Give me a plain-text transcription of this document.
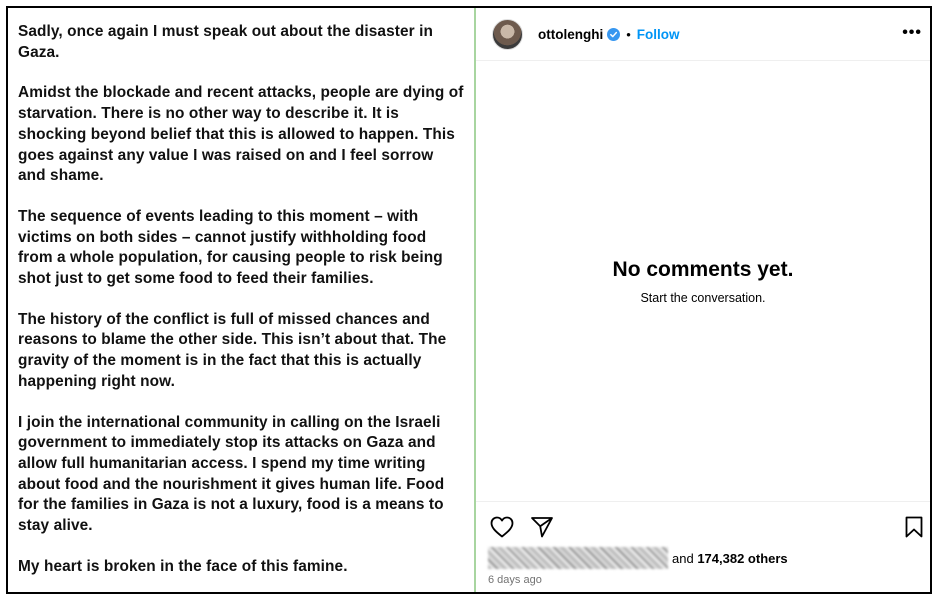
Sadly, once again I must speak out about the disaster in Gaza.

Amidst the blockade and recent attacks, people are dying of starvation. There is no other way to describe it. It is shocking beyond belief that this is allowed to happen. This goes against any value I was raised on and I feel sorrow and shame.

The sequence of events leading to this moment – with victims on both sides – cannot justify withholding food from a whole population, for causing people to risk being shot just to get some food to feed their families.

The history of the conflict is full of missed chances and reasons to blame the other side. This isn’t about that. The gravity of the moment is in the fact that this is actually happening right now.

I join the international community in calling on the Israeli government to immediately stop its attacks on Gaza and allow full humanitarian access. I spend my time writing about food and the nourishment it gives human life. Food for the families in Gaza is not a luxury, food is a means to stay alive.

My heart is broken in the face of this famine.

ottolenghi • Follow	•••
No comments yet.
Start the conversation.
and
174,382 others
6 days ago
